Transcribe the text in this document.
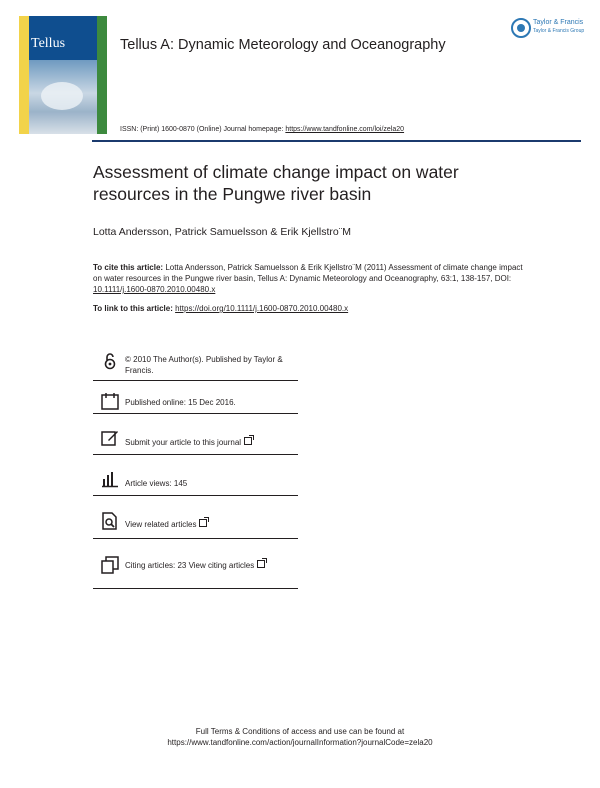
Tellus
Taylor & Francis
Taylor & Francis Group
Tellus A: Dynamic Meteorology and Oceanography
ISSN: (Print) 1600-0870 (Online) Journal homepage: https://www.tandfonline.com/loi/zela20
Assessment of climate change impact on water resources in the Pungwe river basin
Lotta Andersson, Patrick Samuelsson & Erik Kjellstro¨M
To cite this article: Lotta Andersson, Patrick Samuelsson & Erik Kjellstro¨M (2011) Assessment of climate change impact on water resources in the Pungwe river basin, Tellus A: Dynamic Meteorology and Oceanography, 63:1, 138-157, DOI: 10.1111/j.1600-0870.2010.00480.x
To link to this article: https://doi.org/10.1111/j.1600-0870.2010.00480.x
© 2010 The Author(s). Published by Taylor & Francis.
Published online: 15 Dec 2016.
Submit your article to this journal
Article views: 145
View related articles
Citing articles: 23 View citing articles
Full Terms & Conditions of access and use can be found at
https://www.tandfonline.com/action/journalInformation?journalCode=zela20
